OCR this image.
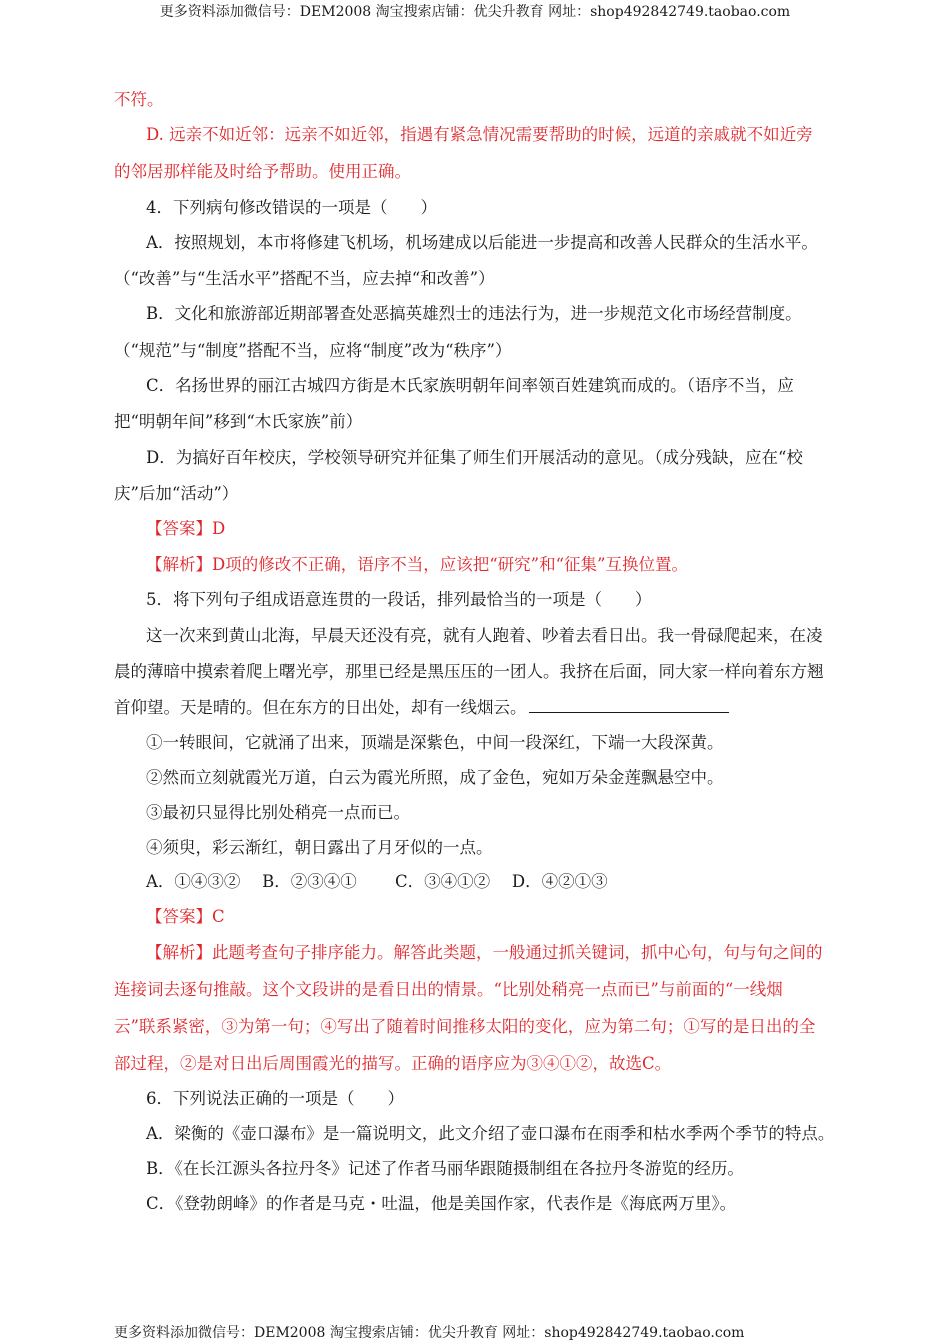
更多资料添加微信号：DEM2008 淘宝搜索店铺：优尖升教育 网址：shop492842749.taobao.com
不符。
D. 远亲不如近邻：远亲不如近邻，指遇有紧急情况需要帮助的时候，远道的亲戚就不如近旁
的邻居那样能及时给予帮助。使用正确。
4．下列病句修改错误的一项是（　　）
A．按照规划，本市将修建飞机场，机场建成以后能进一步提高和改善人民群众的生活水平。
（“改善”与“生活水平”搭配不当，应去掉“和改善”）
B．文化和旅游部近期部署查处恶搞英雄烈士的违法行为，进一步规范文化市场经营制度。
（“规范”与“制度”搭配不当，应将“制度”改为“秩序”）
C．名扬世界的丽江古城四方街是木氏家族明朝年间率领百姓建筑而成的。（语序不当，应
把“明朝年间”移到“木氏家族”前）
D．为搞好百年校庆，学校领导研究并征集了师生们开展活动的意见。（成分残缺，应在“校
庆”后加“活动”）
【答案】D
【解析】D项的修改不正确，语序不当，应该把“研究”和“征集”互换位置。
5．将下列句子组成语意连贯的一段话，排列最恰当的一项是（　　）
这一次来到黄山北海，早晨天还没有亮，就有人跑着、吵着去看日出。我一骨碌爬起来，在凌
晨的薄暗中摸索着爬上曙光亭，那里已经是黑压压的一团人。我挤在后面，同大家一样向着东方翘
首仰望。天是晴的。但在东方的日出处，却有一线烟云。
①一转眼间，它就涌了出来，顶端是深紫色，中间一段深红，下端一大段深黄。
②然而立刻就霞光万道，白云为霞光所照，成了金色，宛如万朵金莲飘悬空中。
③最初只显得比别处稍亮一点而已。
④须臾，彩云渐红，朝日露出了月牙似的一点。
A．①④③②　 B．②③④①　　 C．③④①②　 D．④②①③
【答案】C
【解析】此题考查句子排序能力。解答此类题，一般通过抓关键词，抓中心句，句与句之间的
连接词去逐句推敲。这个文段讲的是看日出的情景。“比别处稍亮一点而已”与前面的“一线烟
云”联系紧密，③为第一句；④写出了随着时间推移太阳的变化，应为第二句；①写的是日出的全
部过程，②是对日出后周围霞光的描写。正确的语序应为③④①②，故选C。
6．下列说法正确的一项是（　　）
A．梁衡的《壶口瀑布》是一篇说明文，此文介绍了壶口瀑布在雨季和枯水季两个季节的特点。
B．《在长江源头各拉丹冬》记述了作者马丽华跟随摄制组在各拉丹冬游览的经历。
C．《登勃朗峰》的作者是马克・吐温，他是美国作家，代表作是《海底两万里》。
更多资料添加微信号：DEM2008 淘宝搜索店铺：优尖升教育 网址：shop492842749.taobao.com
